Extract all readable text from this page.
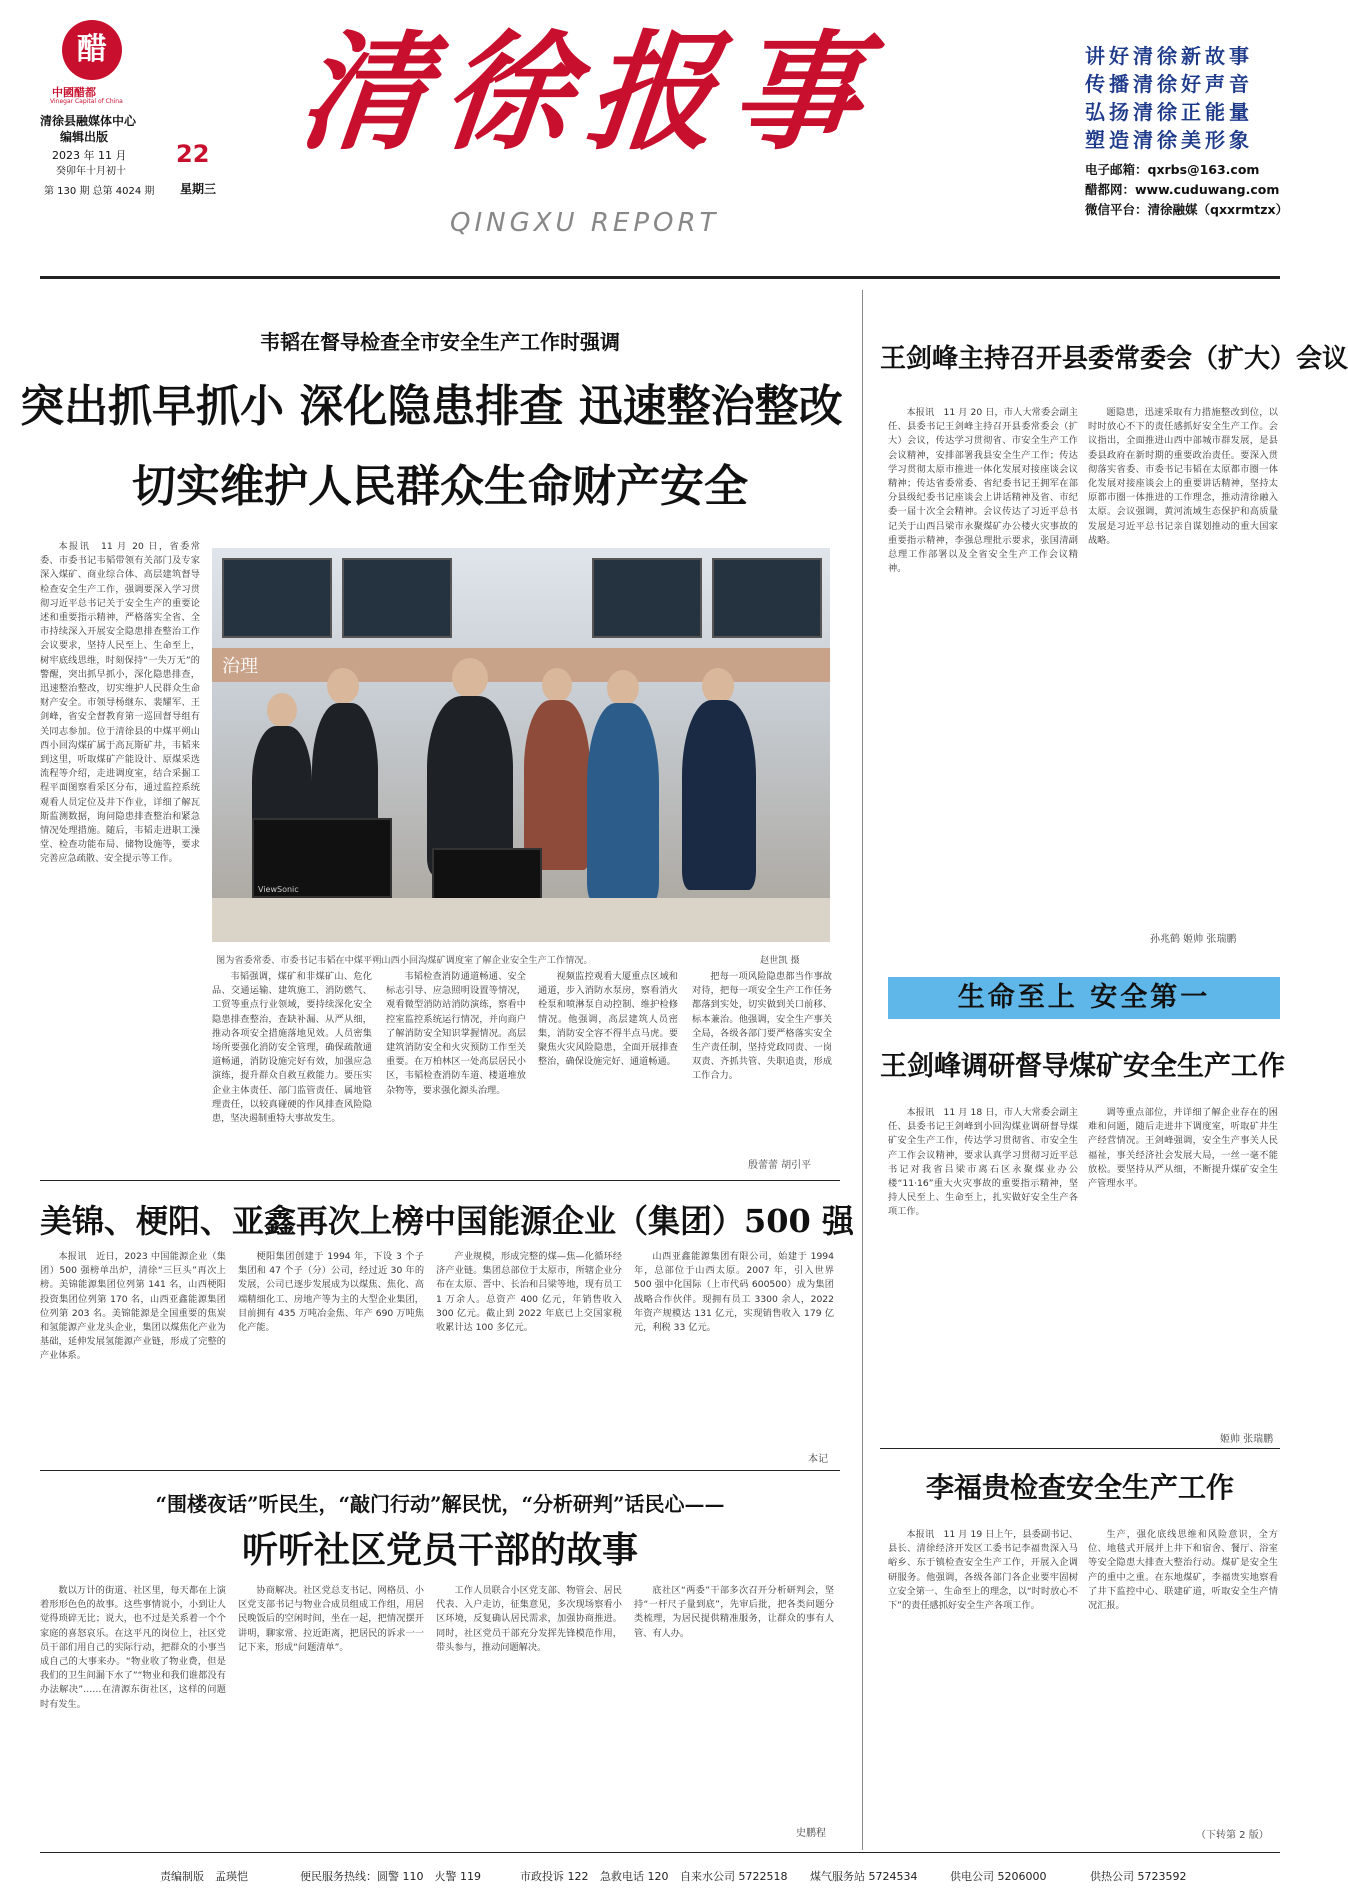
醋
中國醋都
Vinegar Capital of China
清徐县融媒体中心
编辑出版
2023 年 11 月 22
癸卯年十月初十
第 130 期 总第 4024 期 星期三
清徐报事
QINGXU REPORT
讲好清徐新故事
传播清徐好声音
弘扬清徐正能量
塑造清徐美形象
电子邮箱：qxrbs@163.com
醋都网：www.cuduwang.com
微信平台：清徐融媒（qxxrmtzx）
韦韬在督导检查全市安全生产工作时强调
突出抓早抓小 深化隐患排查 迅速整治整改
切实维护人民群众生命财产安全

本报讯　11 月 20 日，省委常委、市委书记韦韬带领有关部门及专家深入煤矿、商业综合体、高层建筑督导检查安全生产工作，强调要深入学习贯彻习近平总书记关于安全生产的重要论述和重要指示精神，严格落实全省、全市持续深入开展安全隐患排查整治工作会议要求，坚持人民至上、生命至上，树牢底线思维，时刻保持“一失万无”的警醒，突出抓早抓小，深化隐患排查，迅速整治整改，切实维护人民群众生命财产安全。市领导杨继东、裴耀军、王剑峰，省安全督教育第一巡回督导组有关同志参加。位于清徐县的中煤平朔山西小回沟煤矿属于高瓦斯矿井，韦韬来到这里，听取煤矿产能设计、原煤采选流程等介绍，走进调度室，结合采掘工程平面图察看采区分布，通过监控系统观看人员定位及井下作业，详细了解瓦斯监测数据，询问隐患排查整治和紧急情况处理措施。随后，韦韬走进职工澡堂、检查功能布局、储物设施等，要求完善应急疏散、安全提示等工作。

治理
ViewSonic
图为省委常委、市委书记韦韬在中煤平朔山西小回沟煤矿调度室了解企业安全生产工作情况。	赵世凯 摄

韦韬强调，煤矿和非煤矿山、危化品、交通运输、建筑施工、消防燃气、工贸等重点行业领域，要持续深化安全隐患排查整治，查缺补漏、从严从细，推动各项安全措施落地见效。人员密集场所要强化消防安全管理，确保疏散通道畅通，消防设施完好有效，加强应急演练，提升群众自救互救能力。要压实企业主体责任、部门监管责任、属地管理责任，以较真碰硬的作风排查风险隐患，坚决遏制重特大事故发生。

韦韬检查消防通道畅通、安全标志引导、应急照明设置等情况，观看微型消防站消防演练，察看中控室监控系统运行情况，并向商户了解消防安全知识掌握情况。高层建筑消防安全和火灾预防工作至关重要。在万柏林区一处高层居民小区，韦韬检查消防车道、楼道堆放杂物等，要求强化源头治理。

视频监控观看大厦重点区域和通道，步入消防水泵房，察看消火栓泵和喷淋泵自动控制、维护检修情况。他强调，高层建筑人员密集，消防安全容不得半点马虎。要聚焦火灾风险隐患，全面开展排查整治，确保设施完好、通道畅通。

把每一项风险隐患都当作事故对待，把每一项安全生产工作任务都落到实处，切实做到关口前移、标本兼治。他强调，安全生产事关全局，各级各部门要严格落实安全生产责任制，坚持党政同责、一岗双责、齐抓共管、失职追责，形成工作合力。

殷蕾蕾 胡引平
美锦、梗阳、亚鑫再次上榜中国能源企业（集团）500 强

本报讯　近日，2023 中国能源企业（集团）500 强榜单出炉，清徐“三巨头”再次上榜。美锦能源集团位列第 141 名，山西梗阳投资集团位列第 170 名，山西亚鑫能源集团位列第 203 名。美锦能源是全国重要的焦炭和氢能源产业龙头企业，集团以煤焦化产业为基础，延伸发展氢能源产业链，形成了完整的产业体系。

梗阳集团创建于 1994 年，下设 3 个子集团和 47 个子（分）公司，经过近 30 年的发展，公司已逐步发展成为以煤焦、焦化、高端精细化工、房地产等为主的大型企业集团，目前拥有 435 万吨冶金焦、年产 690 万吨焦化产能。

产业规模，形成完整的煤—焦—化循环经济产业链。集团总部位于太原市，所辖企业分布在太原、晋中、长治和吕梁等地，现有员工 1 万余人。总资产 400 亿元，年销售收入 300 亿元。截止到 2022 年底已上交国家税收累计达 100 多亿元。

山西亚鑫能源集团有限公司，始建于 1994 年，总部位于山西太原。2007 年，引入世界 500 强中化国际（上市代码 600500）成为集团战略合作伙伴。现拥有员工 3300 余人，2022 年资产规模达 131 亿元，实现销售收入 179 亿元，利税 33 亿元。

本记
“围楼夜话”听民生，“敲门行动”解民忧，“分析研判”话民心——
听听社区党员干部的故事

数以万计的街道、社区里，每天都在上演着形形色色的故事。这些事情说小，小到让人觉得琐碎无比；说大，也不过是关系着一个个家庭的喜怒哀乐。在这平凡的岗位上，社区党员干部们用自己的实际行动，把群众的小事当成自己的大事来办。“物业收了物业费，但是我们的卫生间漏下水了”“物业和我们谁都没有办法解决”……在清源东街社区，这样的问题时有发生。

协商解决。社区党总支书记、网格员、小区党支部书记与物业合成员组成工作组，用居民晚饭后的空闲时间，坐在一起，把情况摆开讲明，聊家常、拉近距离，把居民的诉求一一记下来，形成“问题清单”。

工作人员联合小区党支部、物管会、居民代表、入户走访，征集意见，多次现场察看小区环境，反复确认居民需求，加强协商推进。同时，社区党员干部充分发挥先锋模范作用，带头参与，推动问题解决。

底社区“两委”干部多次召开分析研判会，坚持“一杆尺子量到底”，先审后批，把各类问题分类梳理，为居民提供精准服务，让群众的事有人管、有人办。

史鹏程
王剑峰主持召开县委常委会（扩大）会议

本报讯　11 月 20 日，市人大常委会副主任、县委书记王剑峰主持召开县委常委会（扩大）会议，传达学习贯彻省、市安全生产工作会议精神，安排部署我县安全生产工作；传达学习贯彻太原市推进一体化发展对接座谈会议精神；传达省委常委、省纪委书记王拥军在部分县级纪委书记座谈会上讲话精神及省、市纪委一届十次全会精神。会议传达了习近平总书记关于山西吕梁市永聚煤矿办公楼火灾事故的重要指示精神，李强总理批示要求，张国清副总理工作部署以及全省安全生产工作会议精神。

题隐患，迅速采取有力措施整改到位，以时时放心不下的责任感抓好安全生产工作。会议指出，全面推进山西中部城市群发展，是县委县政府在新时期的重要政治责任。要深入贯彻落实省委、市委书记韦韬在太原都市圈一体化发展对接座谈会上的重要讲话精神，坚持太原都市圈一体推进的工作理念，推动清徐融入太原。会议强调，黄河流域生态保护和高质量发展是习近平总书记亲自谋划推动的重大国家战略。

孙兆鹤 姬帅 张瑞鹏
生命至上 安全第一
王剑峰调研督导煤矿安全生产工作

本报讯　11 月 18 日，市人大常委会副主任、县委书记王剑峰到小回沟煤业调研督导煤矿安全生产工作，传达学习贯彻省、市安全生产工作会议精神，要求认真学习贯彻习近平总书记对我省吕梁市离石区永聚煤业办公楼“11·16”重大火灾事故的重要指示精神，坚持人民至上、生命至上，扎实做好安全生产各项工作。

调等重点部位，并详细了解企业存在的困难和问题，随后走进井下调度室，听取矿井生产经营情况。王剑峰强调，安全生产事关人民福祉，事关经济社会发展大局，一丝一毫不能放松。要坚持从严从细，不断提升煤矿安全生产管理水平。

姬帅 张瑞鹏
李福贵检查安全生产工作

本报讯　11 月 19 日上午，县委副书记、县长、清徐经济开发区工委书记李福贵深入马峪乡、东于镇检查安全生产工作，开展入企调研服务。他强调，各级各部门各企业要牢固树立安全第一、生命至上的理念，以“时时放心不下”的责任感抓好安全生产各项工作。

生产，强化底线思维和风险意识，全方位、地毯式开展并上井下和宿舍、餐厅、浴室等安全隐患大排查大整治行动。煤矿是安全生产的重中之重。在东地煤矿，李福贵实地察看了井下监控中心、联建矿道，听取安全生产情况汇报。

（下转第 2 版）
责编制版　孟瑛恺	便民服务热线：圆警 110　火警 119	市政投诉 122 急救电话 120 自来水公司 5722518 煤气服务站 5724534	供电公司 5206000	供热公司 5723592
